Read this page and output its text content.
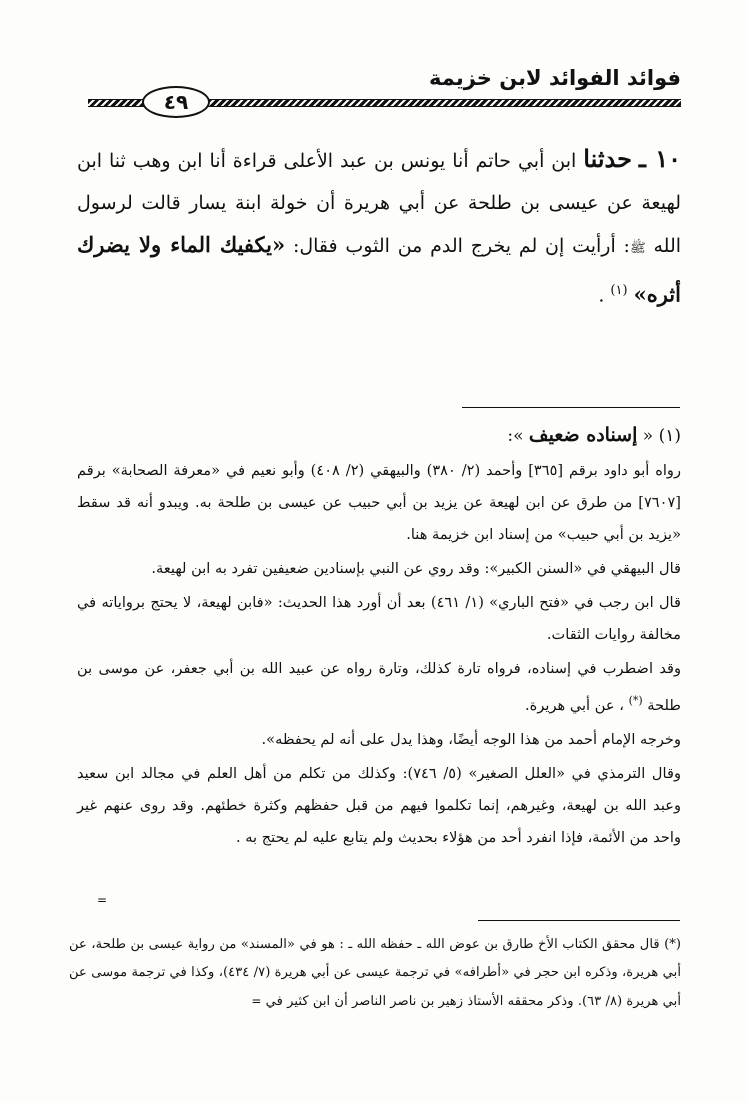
فوائد الفوائد لابن خزيمة
٤٩
١٠ ـ حدثنا ابن أبي حاتم أنا يونس بن عبد الأعلى قراءة أنا ابن وهب ثنا ابن لهيعة عن عيسى بن طلحة عن أبي هريرة أن خولة ابنة يسار قالت لرسول الله ﷺ: أرأيت إن لم يخرج الدم من الثوب فقال: «يكفيك الماء ولا يضرك أثره» $^{(١)}$ .
(١) « إسناده ضعيف »:

رواه أبو داود برقم [٣٦٥] وأحمد (٢/ ٣٨٠) والبيهقي (٢/ ٤٠٨) وأبو نعيم في «معرفة الصحابة» برقم [٧٦٠٧] من طرق عن ابن لهيعة عن يزيد بن أبي حبيب عن عيسى بن طلحة به. ويبدو أنه قد سقط «يزيد بن أبي حبيب» من إسناد ابن خزيمة هنا.

قال البيهقي في «السنن الكبير»: وقد روي عن النبي بإسنادين ضعيفين تفرد به ابن لهيعة.

قال ابن رجب في «فتح الباري» (١/ ٤٦١) بعد أن أورد هذا الحديث: «فابن لهيعة، لا يحتج برواياته في مخالفة روايات الثقات.

وقد اضطرب في إسناده، فرواه تارة كذلك، وتارة رواه عن عبيد الله بن أبي جعفر، عن موسى بن طلحة (*) ، عن أبي هريرة.

وخرجه الإمام أحمد من هذا الوجه أيضًا، وهذا يدل على أنه لم يحفظه».

وقال الترمذي في «العلل الصغير» (٥/ ٧٤٦): وكذلك من تكلم من أهل العلم في مجالد ابن سعيد وعبد الله بن لهيعة، وغيرهم، إنما تكلموا فيهم من قبل حفظهم وكثرة خطئهم. وقد روى عنهم غير واحد من الأئمة، فإذا انفرد أحد من هؤلاء بحديث ولم يتابع عليه لم يحتج به .

=
(*) قال محقق الكتاب الأخ طارق بن عوض الله ـ حفظه الله ـ : هو في «المسند» من رواية عيسى بن طلحة، عن أبي هريرة، وذكره ابن حجر في «أطرافه» في ترجمة عيسى عن أبي هريرة (٧/ ٤٣٤)، وكذا في ترجمة موسى عن أبي هريرة (٨/ ٦٣). وذكر محققه الأستاذ زهير بن ناصر الناصر أن ابن كثير في =
